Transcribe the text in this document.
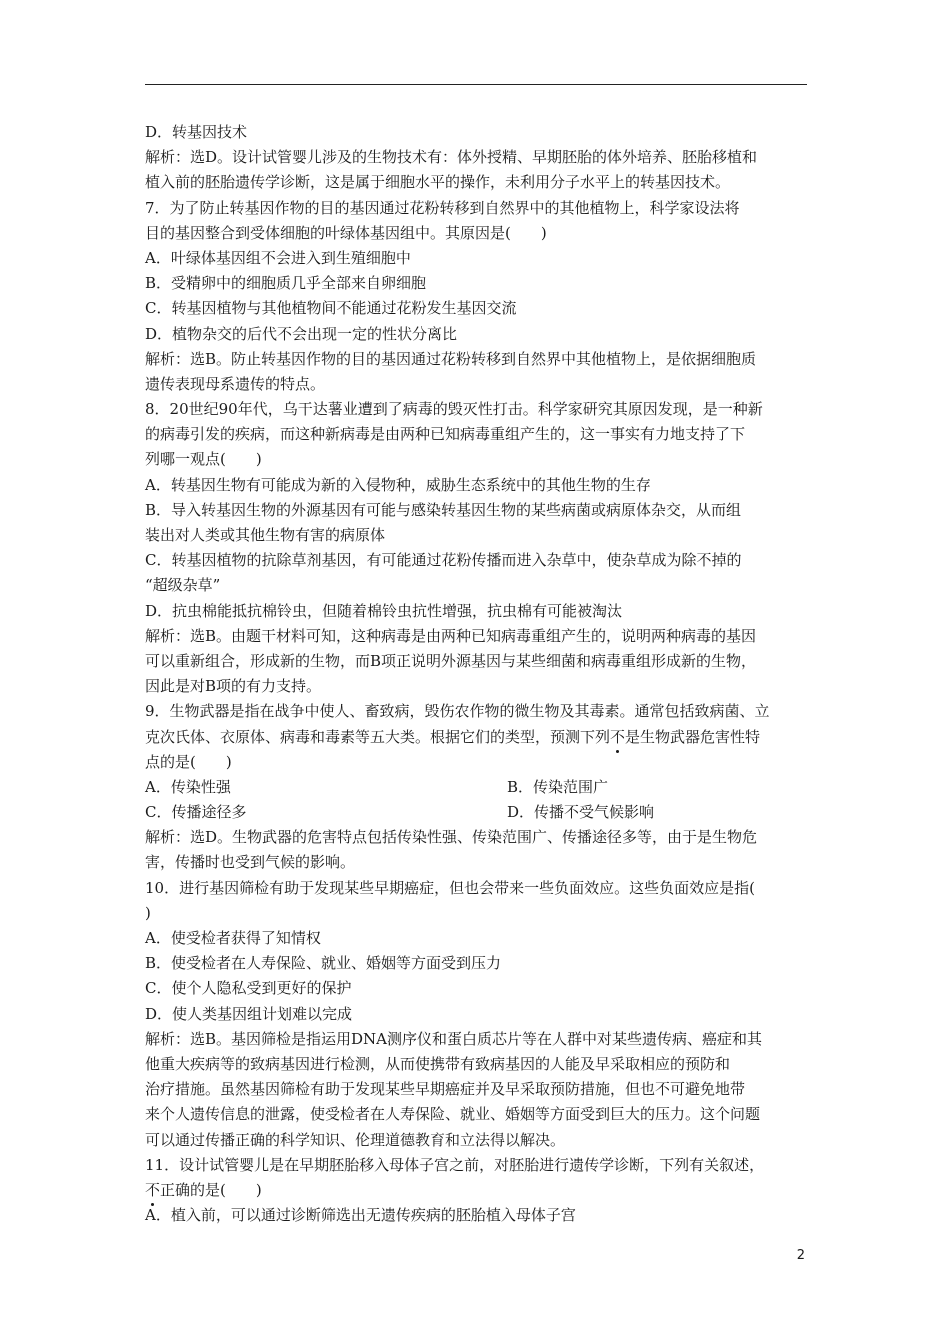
D．转基因技术
解析：选D。设计试管婴儿涉及的生物技术有：体外授精、早期胚胎的体外培养、胚胎移植和
植入前的胚胎遗传学诊断，这是属于细胞水平的操作，未利用分子水平上的转基因技术。
7．为了防止转基因作物的目的基因通过花粉转移到自然界中的其他植物上，科学家设法将
目的基因整合到受体细胞的叶绿体基因组中。其原因是(　　)
A．叶绿体基因组不会进入到生殖细胞中
B．受精卵中的细胞质几乎全部来自卵细胞
C．转基因植物与其他植物间不能通过花粉发生基因交流
D．植物杂交的后代不会出现一定的性状分离比
解析：选B。防止转基因作物的目的基因通过花粉转移到自然界中其他植物上，是依据细胞质
遗传表现母系遗传的特点。
8．20世纪90年代，乌干达薯业遭到了病毒的毁灭性打击。科学家研究其原因发现，是一种新
的病毒引发的疾病，而这种新病毒是由两种已知病毒重组产生的，这一事实有力地支持了下
列哪一观点(　　)
A．转基因生物有可能成为新的入侵物种，威胁生态系统中的其他生物的生存
B．导入转基因生物的外源基因有可能与感染转基因生物的某些病菌或病原体杂交，从而组
装出对人类或其他生物有害的病原体
C．转基因植物的抗除草剂基因，有可能通过花粉传播而进入杂草中，使杂草成为除不掉的
“超级杂草”
D．抗虫棉能抵抗棉铃虫，但随着棉铃虫抗性增强，抗虫棉有可能被淘汰
解析：选B。由题干材料可知，这种病毒是由两种已知病毒重组产生的，说明两种病毒的基因
可以重新组合，形成新的生物，而B项正说明外源基因与某些细菌和病毒重组形成新的生物，
因此是对B项的有力支持。
9．生物武器是指在战争中使人、畜致病，毁伤农作物的微生物及其毒素。通常包括致病菌、立
克次氏体、衣原体、病毒和毒素等五大类。根据它们的类型，预测下列不是生物武器危害性特
点的是(　　)
A．传染性强	B．传染范围广
C．传播途径多	D．传播不受气候影响
解析：选D。生物武器的危害特点包括传染性强、传染范围广、传播途径多等，由于是生物危
害，传播时也受到气候的影响。
10．进行基因筛检有助于发现某些早期癌症，但也会带来一些负面效应。这些负面效应是指(
)
A．使受检者获得了知情权
B．使受检者在人寿保险、就业、婚姻等方面受到压力
C．使个人隐私受到更好的保护
D．使人类基因组计划难以完成
解析：选B。基因筛检是指运用DNA测序仪和蛋白质芯片等在人群中对某些遗传病、癌症和其
他重大疾病等的致病基因进行检测，从而使携带有致病基因的人能及早采取相应的预防和
治疗措施。虽然基因筛检有助于发现某些早期癌症并及早采取预防措施，但也不可避免地带
来个人遗传信息的泄露，使受检者在人寿保险、就业、婚姻等方面受到巨大的压力。这个问题
可以通过传播正确的科学知识、伦理道德教育和立法得以解决。
11．设计试管婴儿是在早期胚胎移入母体子宫之前，对胚胎进行遗传学诊断，下列有关叙述，
不正确的是(　　)
A．植入前，可以通过诊断筛选出无遗传疾病的胚胎植入母体子宫
2
